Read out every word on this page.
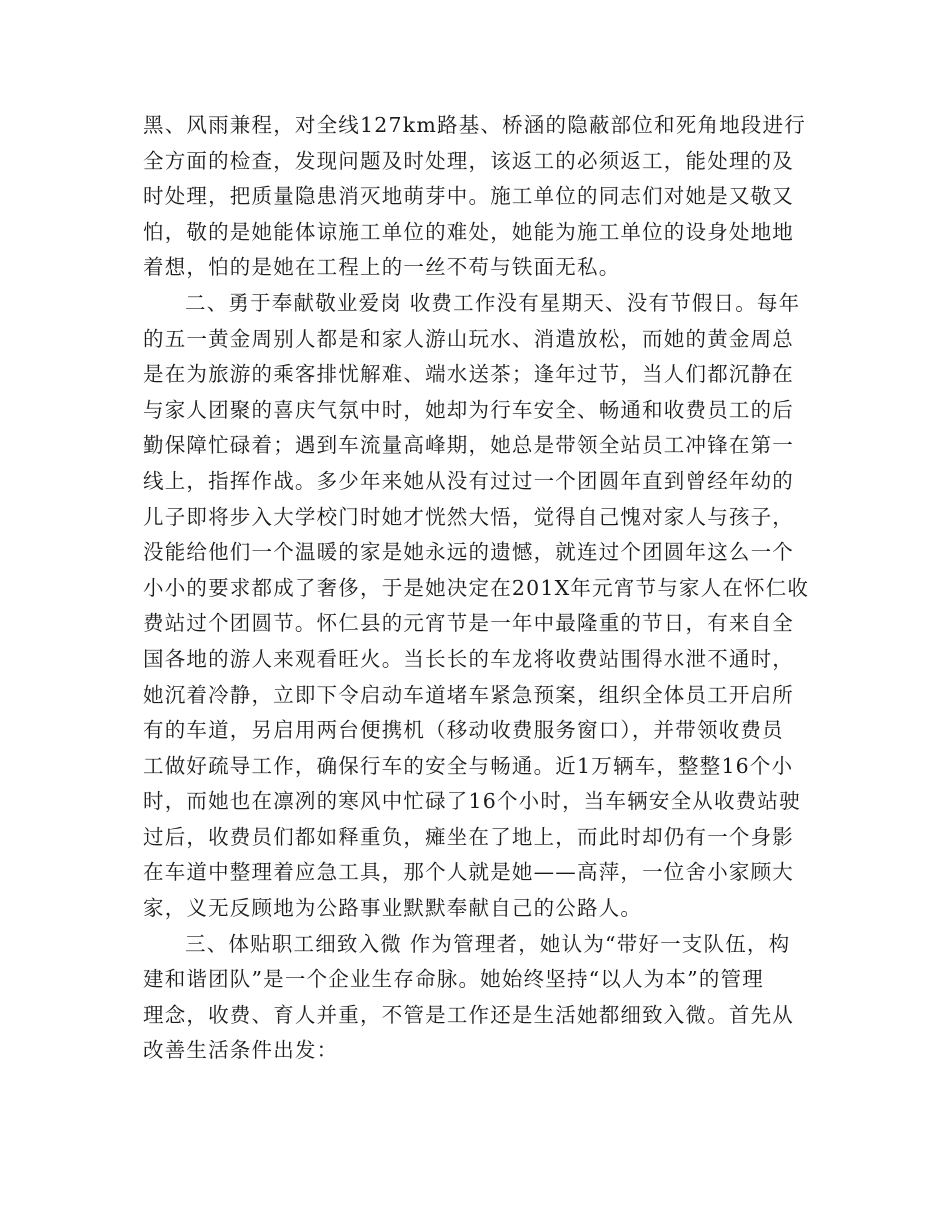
黑、风雨兼程，对全线127km路基、桥涵的隐蔽部位和死角地段进行
全方面的检查，发现问题及时处理，该返工的必须返工，能处理的及
时处理，把质量隐患消灭地萌芽中。施工单位的同志们对她是又敬又
怕，敬的是她能体谅施工单位的难处，她能为施工单位的设身处地地
着想，怕的是她在工程上的一丝不苟与铁面无私。
二、勇于奉献敬业爱岗 收费工作没有星期天、没有节假日。每年
的五一黄金周别人都是和家人游山玩水、消遣放松，而她的黄金周总
是在为旅游的乘客排忧解难、端水送茶；逢年过节，当人们都沉静在
与家人团聚的喜庆气氛中时，她却为行车安全、畅通和收费员工的后
勤保障忙碌着；遇到车流量高峰期，她总是带领全站员工冲锋在第一
线上，指挥作战。多少年来她从没有过过一个团圆年直到曾经年幼的
儿子即将步入大学校门时她才恍然大悟，觉得自己愧对家人与孩子，
没能给他们一个温暖的家是她永远的遗憾，就连过个团圆年这么一个
小小的要求都成了奢侈，于是她决定在201X年元宵节与家人在怀仁收
费站过个团圆节。怀仁县的元宵节是一年中最隆重的节日，有来自全
国各地的游人来观看旺火。当长长的车龙将收费站围得水泄不通时，
她沉着冷静，立即下令启动车道堵车紧急预案，组织全体员工开启所
有的车道，另启用两台便携机（移动收费服务窗口），并带领收费员
工做好疏导工作，确保行车的安全与畅通。近1万辆车，整整16个小
时，而她也在凛冽的寒风中忙碌了16个小时，当车辆安全从收费站驶
过后，收费员们都如释重负，瘫坐在了地上，而此时却仍有一个身影
在车道中整理着应急工具，那个人就是她——高萍，一位舍小家顾大
家，义无反顾地为公路事业默默奉献自己的公路人。
三、体贴职工细致入微 作为管理者，她认为“带好一支队伍，构
建和谐团队”是一个企业生存命脉。她始终坚持“以人为本”的管理
理念，收费、育人并重，不管是工作还是生活她都细致入微。首先从
改善生活条件出发：
